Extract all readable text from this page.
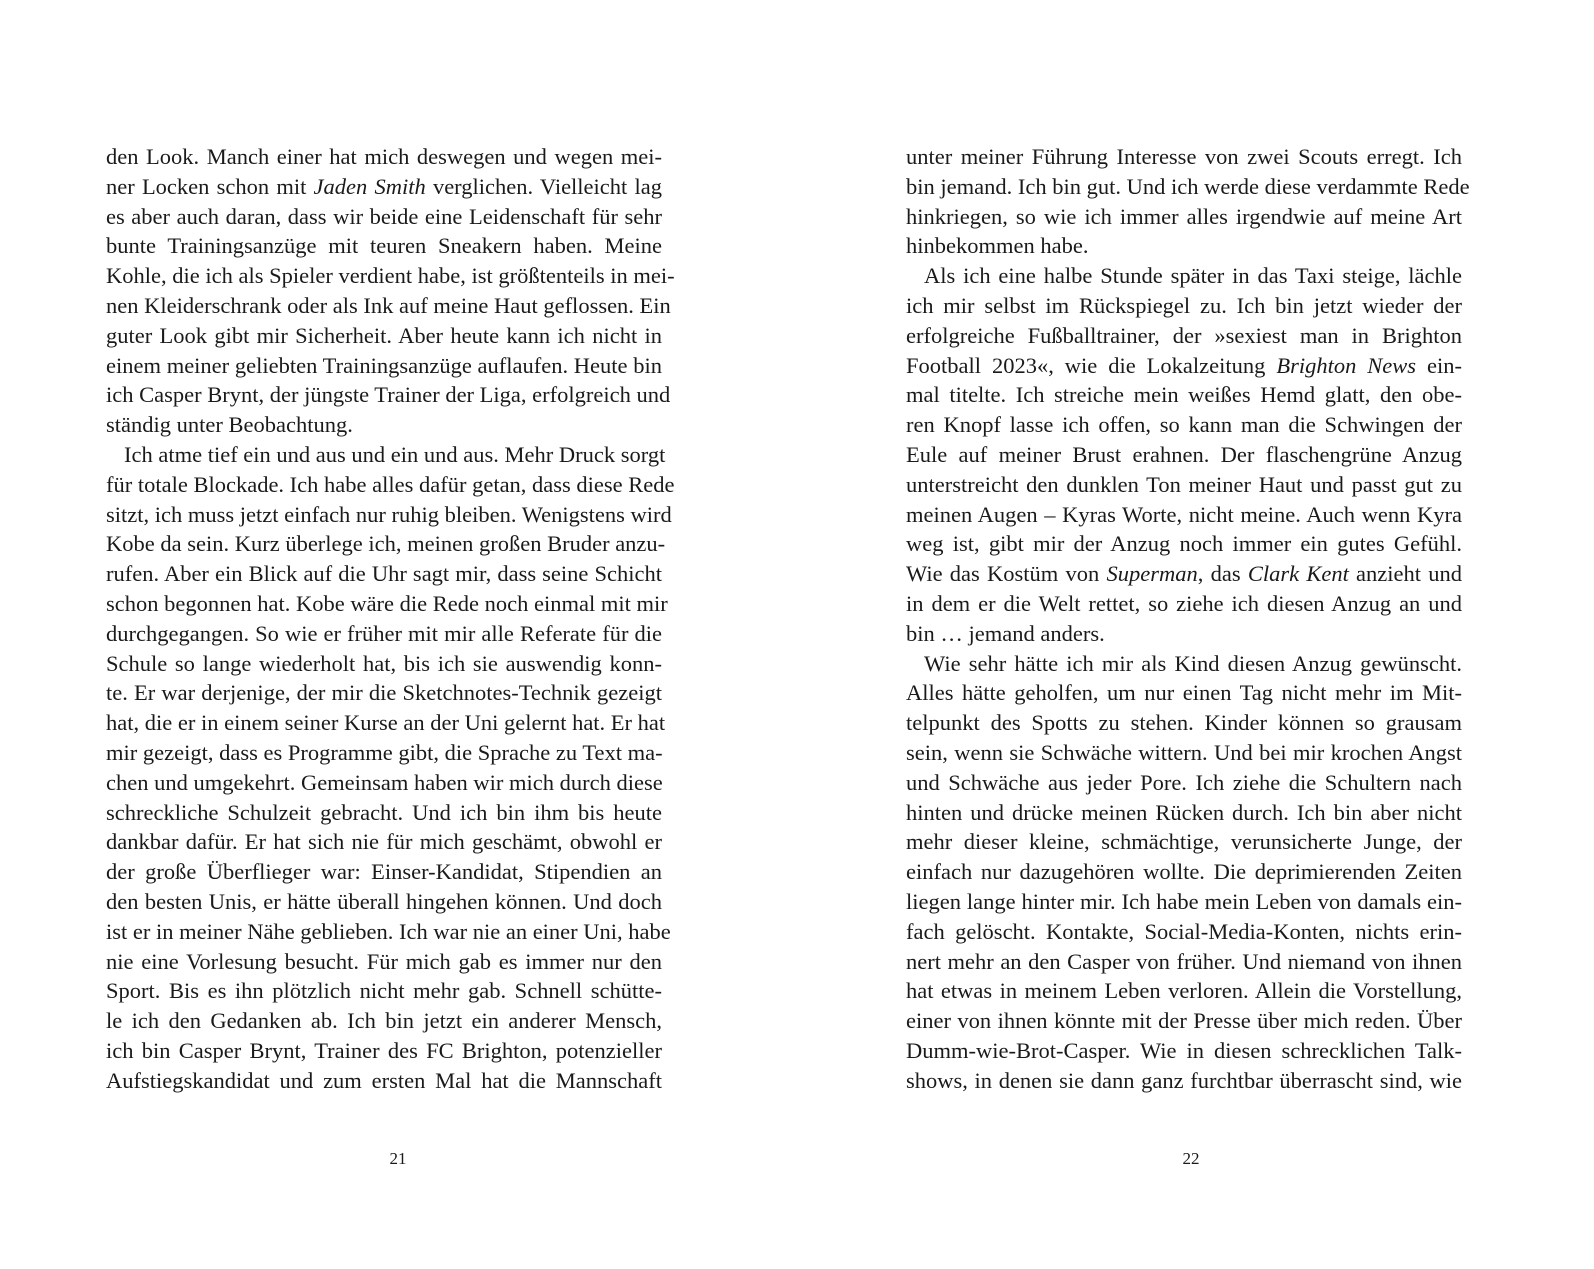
den Look. Manch einer hat mich deswegen und wegen mei-
ner Locken schon mit Jaden Smith verglichen. Vielleicht lag
es aber auch daran, dass wir beide eine Leidenschaft für sehr
bunte Trainingsanzüge mit teuren Sneakern haben. Meine
Kohle, die ich als Spieler verdient habe, ist größtenteils in mei-
nen Kleiderschrank oder als Ink auf meine Haut geflossen. Ein
guter Look gibt mir Sicherheit. Aber heute kann ich nicht in
einem meiner geliebten Trainingsanzüge auflaufen. Heute bin
ich Casper Brynt, der jüngste Trainer der Liga, erfolgreich und
ständig unter Beobachtung.
Ich atme tief ein und aus und ein und aus. Mehr Druck sorgt
für totale Blockade. Ich habe alles dafür getan, dass diese Rede
sitzt, ich muss jetzt einfach nur ruhig bleiben. Wenigstens wird
Kobe da sein. Kurz überlege ich, meinen großen Bruder anzu-
rufen. Aber ein Blick auf die Uhr sagt mir, dass seine Schicht
schon begonnen hat. Kobe wäre die Rede noch einmal mit mir
durchgegangen. So wie er früher mit mir alle Referate für die
Schule so lange wiederholt hat, bis ich sie auswendig konn-
te. Er war derjenige, der mir die Sketchnotes-Technik gezeigt
hat, die er in einem seiner Kurse an der Uni gelernt hat. Er hat
mir gezeigt, dass es Programme gibt, die Sprache zu Text ma-
chen und umgekehrt. Gemeinsam haben wir mich durch diese
schreckliche Schulzeit gebracht. Und ich bin ihm bis heute
dankbar dafür. Er hat sich nie für mich geschämt, obwohl er
der große Überflieger war: Einser-Kandidat, Stipendien an
den besten Unis, er hätte überall hingehen können. Und doch
ist er in meiner Nähe geblieben. Ich war nie an einer Uni, habe
nie eine Vorlesung besucht. Für mich gab es immer nur den
Sport. Bis es ihn plötzlich nicht mehr gab. Schnell schütte-
le ich den Gedanken ab. Ich bin jetzt ein anderer Mensch,
ich bin Casper Brynt, Trainer des FC Brighton, potenzieller
Aufstiegskandidat und zum ersten Mal hat die Mannschaft
21
unter meiner Führung Interesse von zwei Scouts erregt. Ich
bin jemand. Ich bin gut. Und ich werde diese verdammte Rede
hinkriegen, so wie ich immer alles irgendwie auf meine Art
hinbekommen habe.
Als ich eine halbe Stunde später in das Taxi steige, lächle
ich mir selbst im Rückspiegel zu. Ich bin jetzt wieder der
erfolgreiche Fußballtrainer, der »sexiest man in Brighton
Football 2023«, wie die Lokalzeitung Brighton News ein-
mal titelte. Ich streiche mein weißes Hemd glatt, den obe-
ren Knopf lasse ich offen, so kann man die Schwingen der
Eule auf meiner Brust erahnen. Der flaschengrüne Anzug
unterstreicht den dunklen Ton meiner Haut und passt gut zu
meinen Augen – Kyras Worte, nicht meine. Auch wenn Kyra
weg ist, gibt mir der Anzug noch immer ein gutes Gefühl.
Wie das Kostüm von Superman, das Clark Kent anzieht und
in dem er die Welt rettet, so ziehe ich diesen Anzug an und
bin … jemand anders.
Wie sehr hätte ich mir als Kind diesen Anzug gewünscht.
Alles hätte geholfen, um nur einen Tag nicht mehr im Mit-
telpunkt des Spotts zu stehen. Kinder können so grausam
sein, wenn sie Schwäche wittern. Und bei mir krochen Angst
und Schwäche aus jeder Pore. Ich ziehe die Schultern nach
hinten und drücke meinen Rücken durch. Ich bin aber nicht
mehr dieser kleine, schmächtige, verunsicherte Junge, der
einfach nur dazugehören wollte. Die deprimierenden Zeiten
liegen lange hinter mir. Ich habe mein Leben von damals ein-
fach gelöscht. Kontakte, Social-Media-Konten, nichts erin-
nert mehr an den Casper von früher. Und niemand von ihnen
hat etwas in meinem Leben verloren. Allein die Vorstellung,
einer von ihnen könnte mit der Presse über mich reden. Über
Dumm-wie-Brot-Casper. Wie in diesen schrecklichen Talk-
shows, in denen sie dann ganz furchtbar überrascht sind, wie
22
